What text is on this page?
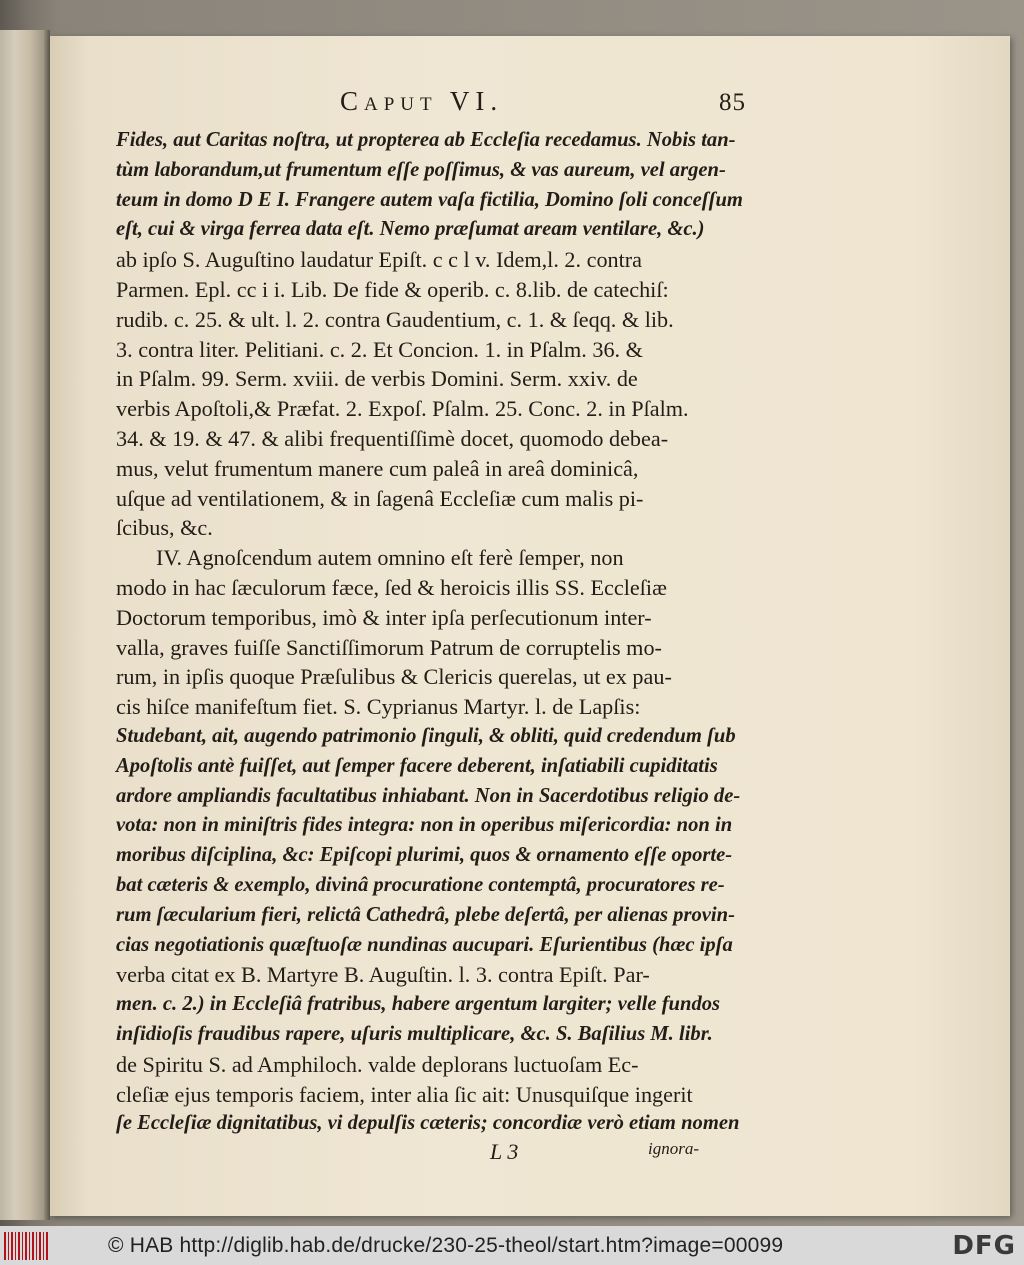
Caput VI.	85
Fides, aut Caritas noſtra, ut propterea ab Eccleſia recedamus. Nobis tan-
tùm laborandum,ut frumentum eſſe poſſimus, & vas aureum, vel argen-
teum in domo D E I. Frangere autem vaſa fictilia, Domino ſoli conceſſum
eſt, cui & virga ferrea data eſt. Nemo præſumat aream ventilare, &c.)
ab ipſo S. Auguſtino laudatur Epiſt. c c l v. Idem,l. 2. contra
Parmen. Epl. cc i i. Lib. De fide & operib. c. 8.lib. de catechiſ:
rudib. c. 25. & ult. l. 2. contra Gaudentium, c. 1. & ſeqq. & lib.
3. contra liter. Pelitiani. c. 2. Et Concion. 1. in Pſalm. 36. &
in Pſalm. 99. Serm. xviii. de verbis Domini. Serm. xxiv. de
verbis Apoſtoli,& Præfat. 2. Expoſ. Pſalm. 25. Conc. 2. in Pſalm.
34. & 19. & 47. & alibi frequentiſſimè docet, quomodo debea-
mus, velut frumentum manere cum paleâ in areâ dominicâ,
uſque ad ventilationem, & in ſagenâ Eccleſiæ cum malis pi-
ſcibus, &c.
IV. Agnoſcendum autem omnino eſt ferè ſemper, non
modo in hac ſæculorum fæce, ſed & heroicis illis SS. Eccleſiæ
Doctorum temporibus, imò & inter ipſa perſecutionum inter-
valla, graves fuiſſe Sanctiſſimorum Patrum de corruptelis mo-
rum, in ipſis quoque Præſulibus & Clericis querelas, ut ex pau-
cis hiſce manifeſtum fiet. S. Cyprianus Martyr. l. de Lapſis:
Studebant, ait, augendo patrimonio ſinguli, & obliti, quid credendum ſub
Apoſtolis antè fuiſſet, aut ſemper facere deberent, inſatiabili cupiditatis
ardore ampliandis facultatibus inhiabant. Non in Sacerdotibus religio de-
vota: non in miniſtris fides integra: non in operibus miſericordia: non in
moribus diſciplina, &c: Epiſcopi plurimi, quos & ornamento eſſe oporte-
bat cæteris & exemplo, divinâ procuratione contemptâ, procuratores re-
rum ſæcularium fieri, relictâ Cathedrâ, plebe deſertâ, per alienas provin-
cias negotiationis quæſtuoſæ nundinas aucupari. Eſurientibus (hæc ipſa
verba citat ex B. Martyre B. Auguſtin. l. 3. contra Epiſt. Par-
men. c. 2.) in Eccleſiâ fratribus, habere argentum largiter; velle fundos
inſidioſis fraudibus rapere, uſuris multiplicare, &c. S. Baſilius M. libr.
de Spiritu S. ad Amphiloch. valde deplorans luctuoſam Ec-
cleſiæ ejus temporis faciem, inter alia ſic ait: Unusquiſque ingerit
ſe Eccleſiæ dignitatibus, vi depulſis cæteris; concordiæ verò etiam nomen
L 3	ignora-
© HAB http://diglib.hab.de/drucke/230-25-theol/start.htm?image=00099	DFG
